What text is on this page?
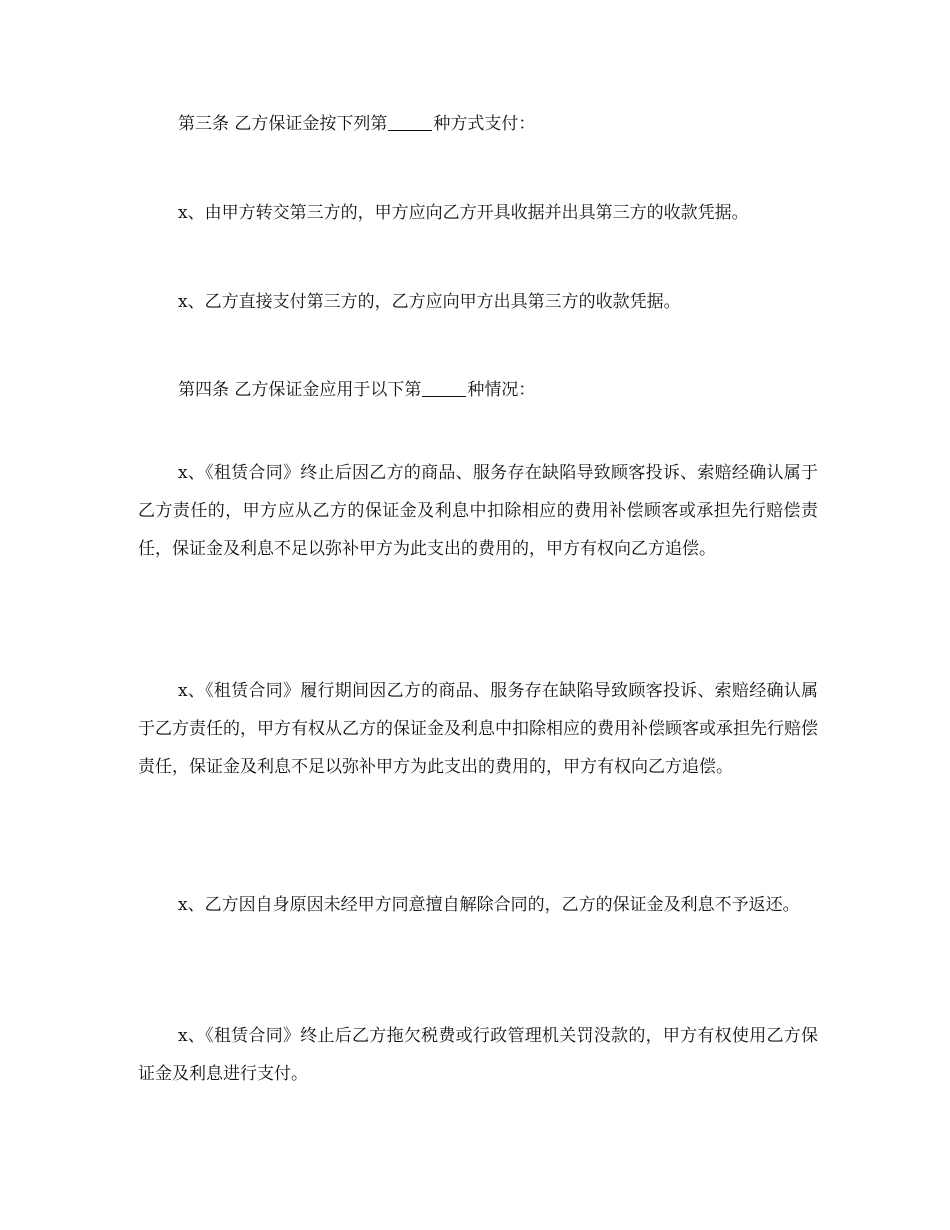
第三条 乙方保证金按下列第	种方式支付：

x、由甲方转交第三方的，甲方应向乙方开具收据并出具第三方的收款凭据。

x、乙方直接支付第三方的，乙方应向甲方出具第三方的收款凭据。

第四条 乙方保证金应用于以下第	种情况：

x、《租赁合同》终止后因乙方的商品、服务存在缺陷导致顾客投诉、索赔经确认属于乙方责任的，甲方应从乙方的保证金及利息中扣除相应的费用补偿顾客或承担先行赔偿责任，保证金及利息不足以弥补甲方为此支出的费用的，甲方有权向乙方追偿。

x、《租赁合同》履行期间因乙方的商品、服务存在缺陷导致顾客投诉、索赔经确认属于乙方责任的，甲方有权从乙方的保证金及利息中扣除相应的费用补偿顾客或承担先行赔偿责任，保证金及利息不足以弥补甲方为此支出的费用的，甲方有权向乙方追偿。

x、乙方因自身原因未经甲方同意擅自解除合同的，乙方的保证金及利息不予返还。

x、《租赁合同》终止后乙方拖欠税费或行政管理机关罚没款的，甲方有权使用乙方保证金及利息进行支付。
